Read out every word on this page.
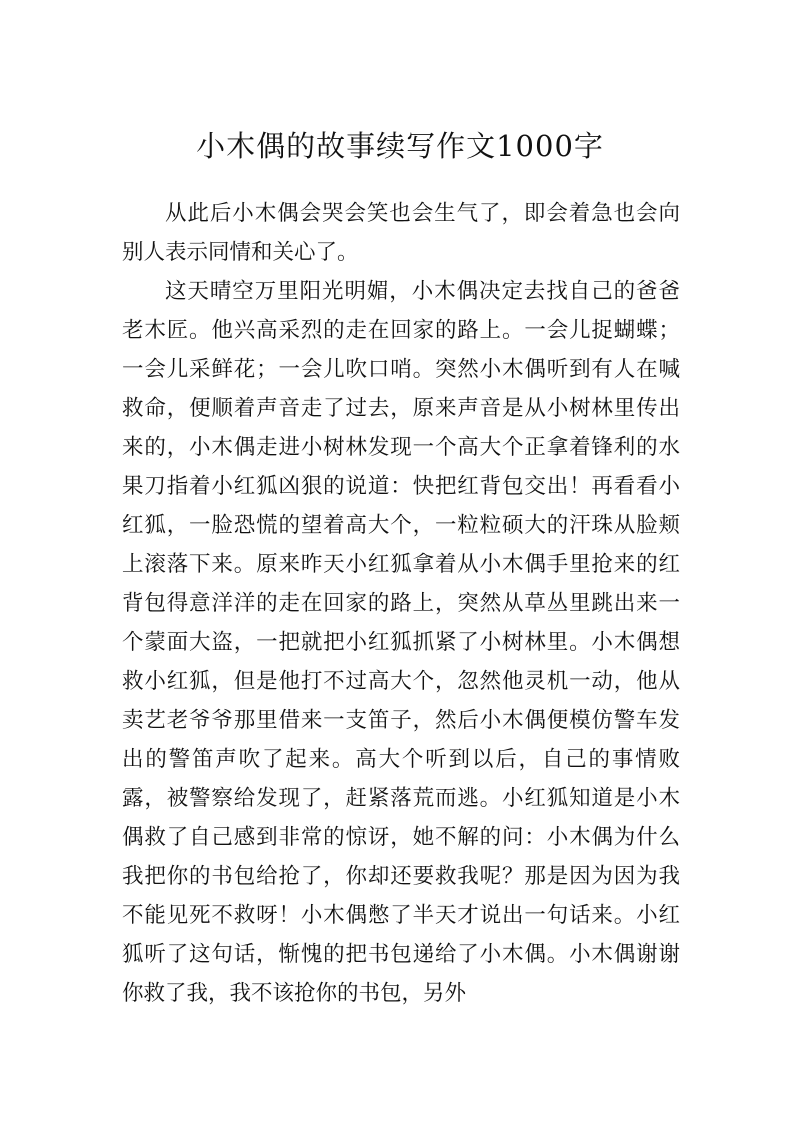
小木偶的故事续写作文1000字

从此后小木偶会哭会笑也会生气了，即会着急也会向别人表示同情和关心了。

这天晴空万里阳光明媚，小木偶决定去找自己的爸爸老木匠。他兴高采烈的走在回家的路上。一会儿捉蝴蝶；一会儿采鲜花；一会儿吹口哨。突然小木偶听到有人在喊救命，便顺着声音走了过去，原来声音是从小树林里传出来的，小木偶走进小树林发现一个高大个正拿着锋利的水果刀指着小红狐凶狠的说道：快把红背包交出！再看看小红狐，一脸恐慌的望着高大个，一粒粒硕大的汗珠从脸颊上滚落下来。原来昨天小红狐拿着从小木偶手里抢来的红背包得意洋洋的走在回家的路上，突然从草丛里跳出来一个蒙面大盗，一把就把小红狐抓紧了小树林里。小木偶想救小红狐，但是他打不过高大个，忽然他灵机一动，他从卖艺老爷爷那里借来一支笛子，然后小木偶便模仿警车发出的警笛声吹了起来。高大个听到以后，自己的事情败露，被警察给发现了，赶紧落荒而逃。小红狐知道是小木偶救了自己感到非常的惊讶，她不解的问：小木偶为什么我把你的书包给抢了，你却还要救我呢？那是因为因为我不能见死不救呀！小木偶憋了半天才说出一句话来。小红狐听了这句话，惭愧的把书包递给了小木偶。小木偶谢谢你救了我，我不该抢你的书包，另外
